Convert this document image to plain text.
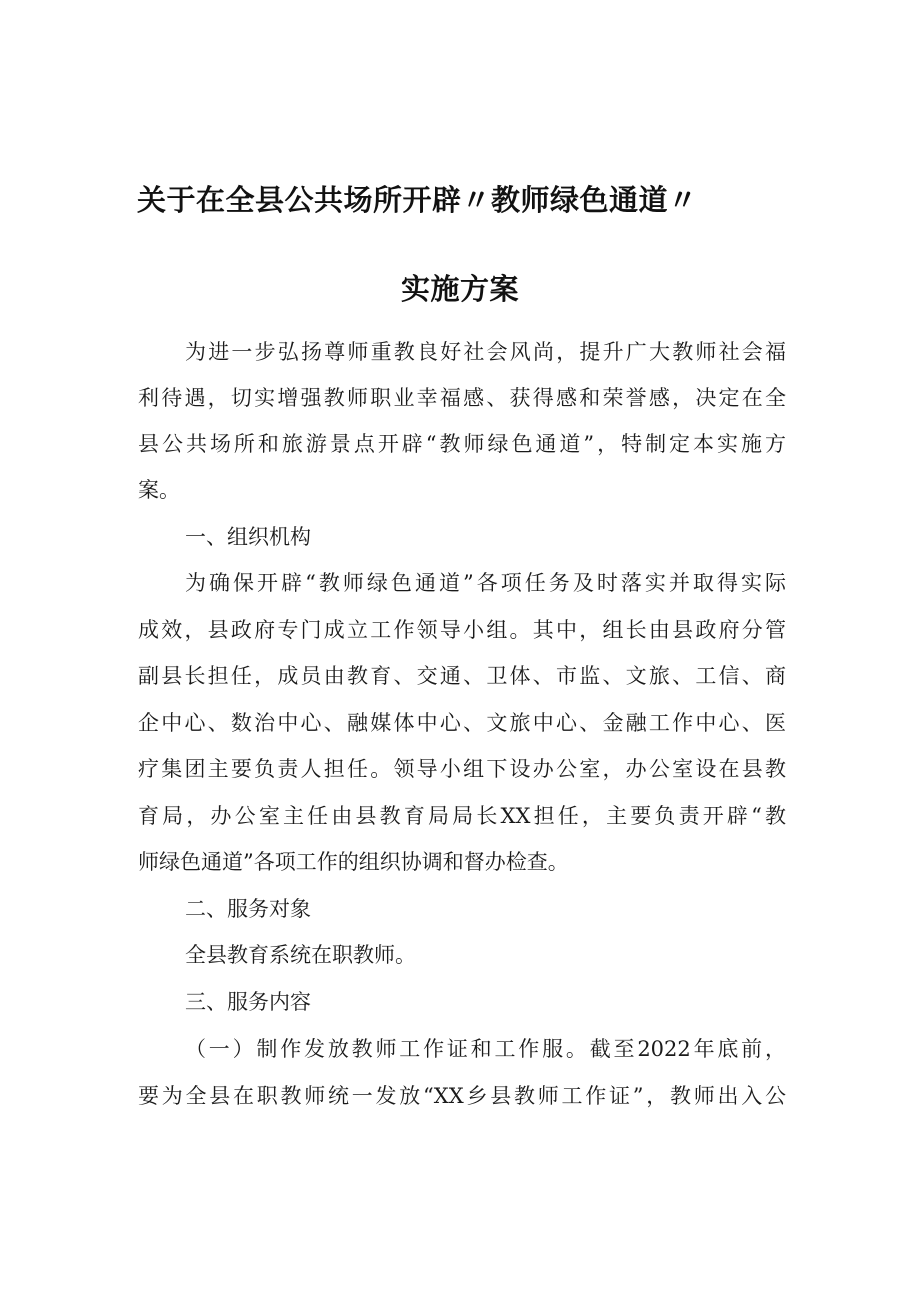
关于在全县公共场所开辟〃教师绿色通道〃
实施方案
为进一步弘扬尊师重教良好社会风尚，提升广大教师社会福
利待遇，切实增强教师职业幸福感、获得感和荣誉感，决定在全
县公共场所和旅游景点开辟“教师绿色通道”，特制定本实施方
案。
一、组织机构
为确保开辟“教师绿色通道”各项任务及时落实并取得实际
成效，县政府专门成立工作领导小组。其中，组长由县政府分管
副县长担任，成员由教育、交通、卫体、市监、文旅、工信、商
企中心、数治中心、融媒体中心、文旅中心、金融工作中心、医
疗集团主要负责人担任。领导小组下设办公室，办公室设在县教
育局，办公室主任由县教育局局长XX担任，主要负责开辟“教
师绿色通道”各项工作的组织协调和督办检查。
二、服务对象
全县教育系统在职教师。
三、服务内容
（一）制作发放教师工作证和工作服。截至2022年底前，
要为全县在职教师统一发放“XX乡县教师工作证”，教师出入公
